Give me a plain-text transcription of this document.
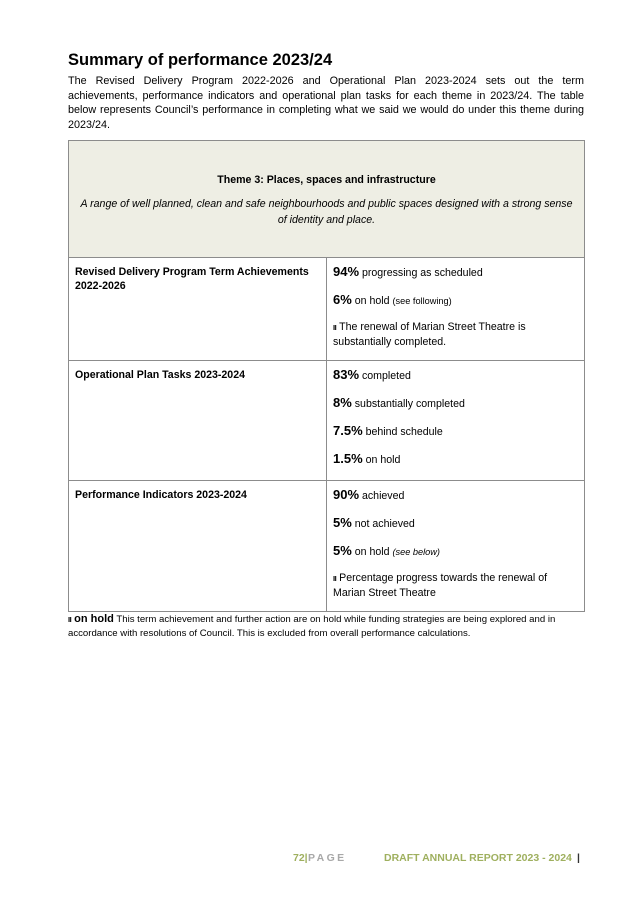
Summary of performance 2023/24

The Revised Delivery Program 2022-2026 and Operational Plan 2023-2024 sets out the term achievements, performance indicators and operational plan tasks for each theme in 2023/24. The table below represents Council’s performance in completing what we said we would do under this theme during 2023/24.

Theme 3: Places, spaces and infrastructure

A range of well planned, clean and safe neighbourhoods and public spaces designed with a strong sense of identity and place.	

Revised Delivery Program Term Achievements 2022-2026	94% progressing as scheduled

6% on hold (see following)

II The renewal of Marian Street Theatre is substantially completed.

Operational Plan Tasks 2023-2024	83% completed

8% substantially completed

7.5% behind schedule

1.5% on hold

Performance Indicators 2023-2024	90% achieved

5% not achieved

5% on hold (see below)

II Percentage progress towards the renewal of Marian Street Theatre

II on hold This term achievement and further action are on hold while funding strategies are being explored and in accordance with resolutions of Council. This is excluded from overall performance calculations.

72| PAGE	DRAFT ANNUAL REPORT 2023 - 2024 |
